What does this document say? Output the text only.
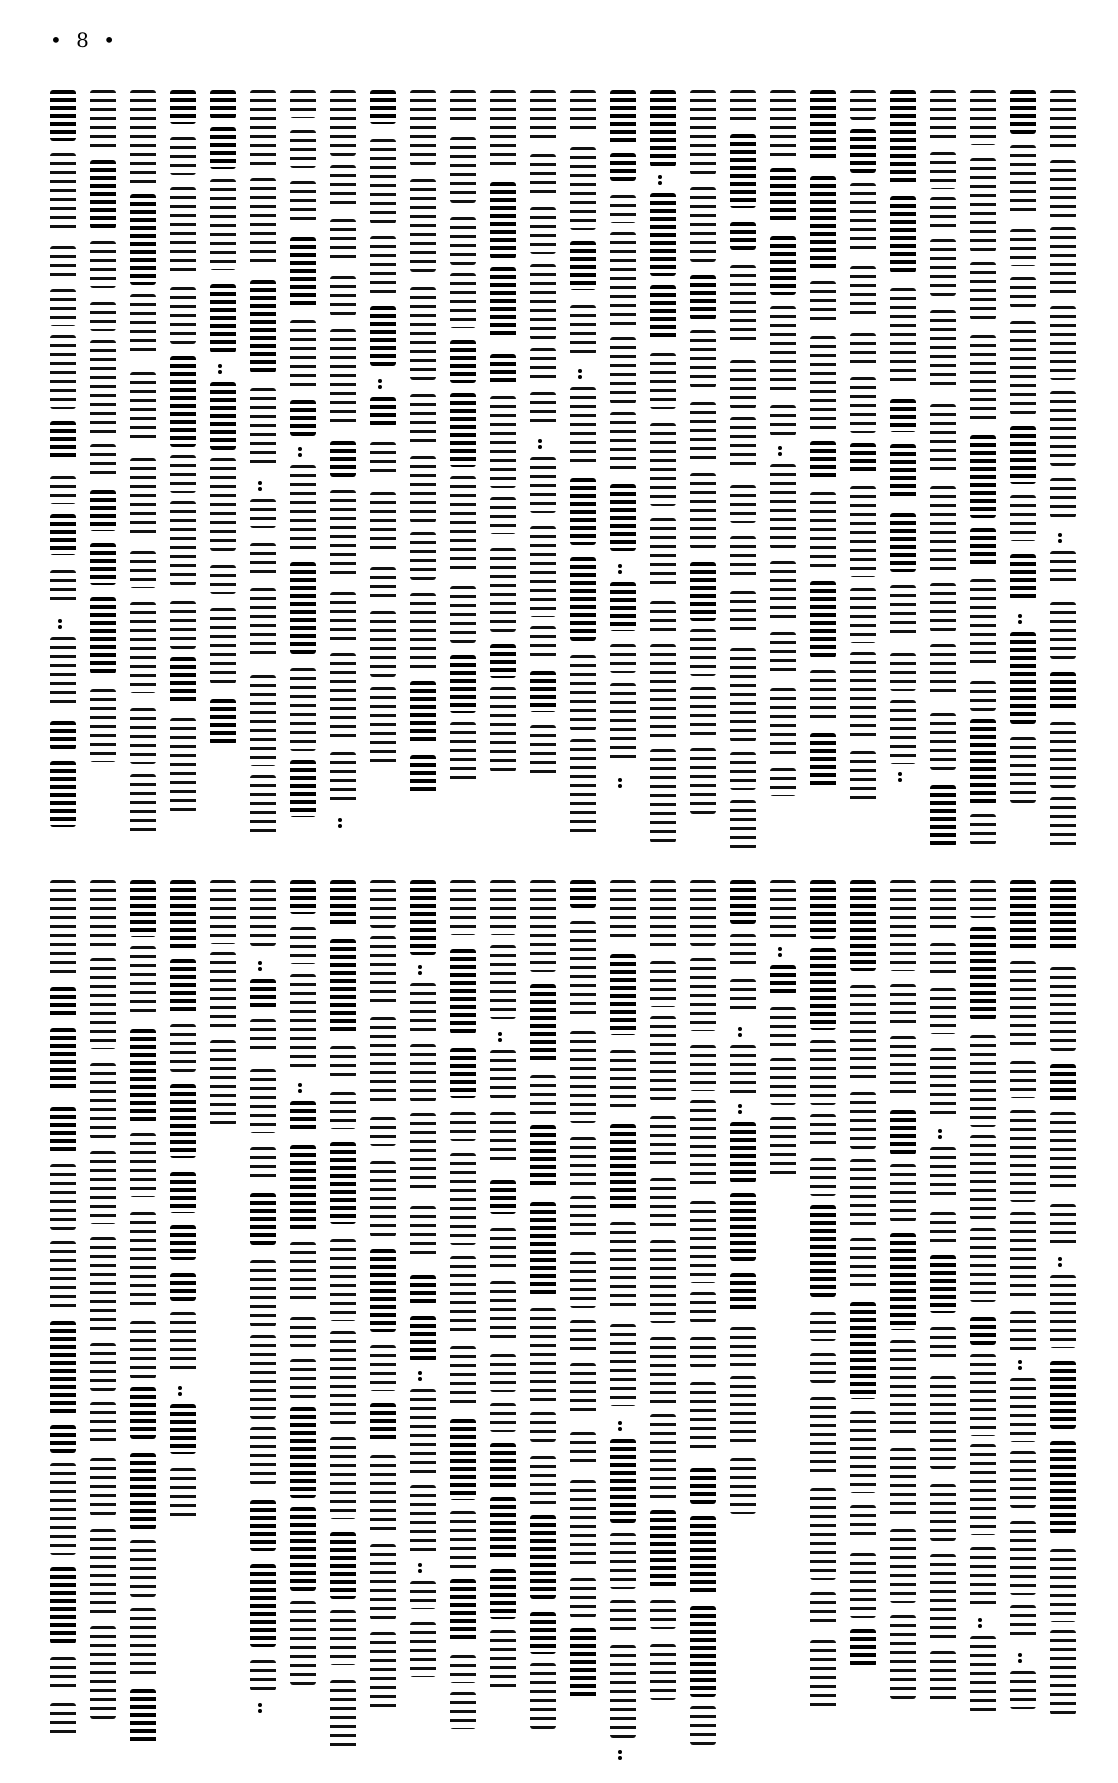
• 8 •
